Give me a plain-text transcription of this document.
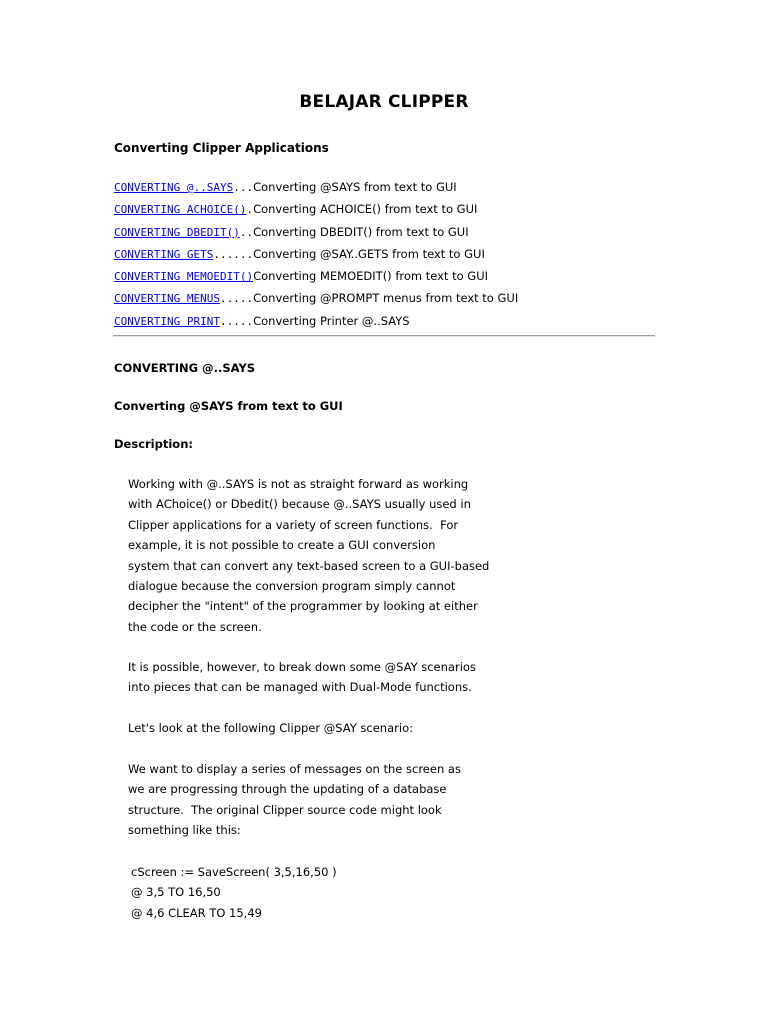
BELAJAR CLIPPER
Converting Clipper Applications
CONVERTING @..SAYS...Converting @SAYS from text to GUI
CONVERTING ACHOICE().Converting ACHOICE() from text to GUI
CONVERTING DBEDIT()..Converting DBEDIT() from text to GUI
CONVERTING GETS......Converting @SAY..GETS from text to GUI
CONVERTING MEMOEDIT()Converting MEMOEDIT() from text to GUI
CONVERTING MENUS.....Converting @PROMPT menus from text to GUI
CONVERTING PRINT.....Converting Printer @..SAYS
CONVERTING @..SAYS
Converting @SAYS from text to GUI
Description:
Working with @..SAYS is not as straight forward as working
with AChoice() or Dbedit() because @..SAYS usually used in
Clipper applications for a variety of screen functions.  For
example, it is not possible to create a GUI conversion
system that can convert any text-based screen to a GUI-based
dialogue because the conversion program simply cannot
decipher the "intent" of the programmer by looking at either
the code or the screen.
It is possible, however, to break down some @SAY scenarios
into pieces that can be managed with Dual-Mode functions.
Let's look at the following Clipper @SAY scenario:
We want to display a series of messages on the screen as
we are progressing through the updating of a database
structure.  The original Clipper source code might look
something like this:
cScreen := SaveScreen( 3,5,16,50 )
@ 3,5 TO 16,50
@ 4,6 CLEAR TO 15,49
